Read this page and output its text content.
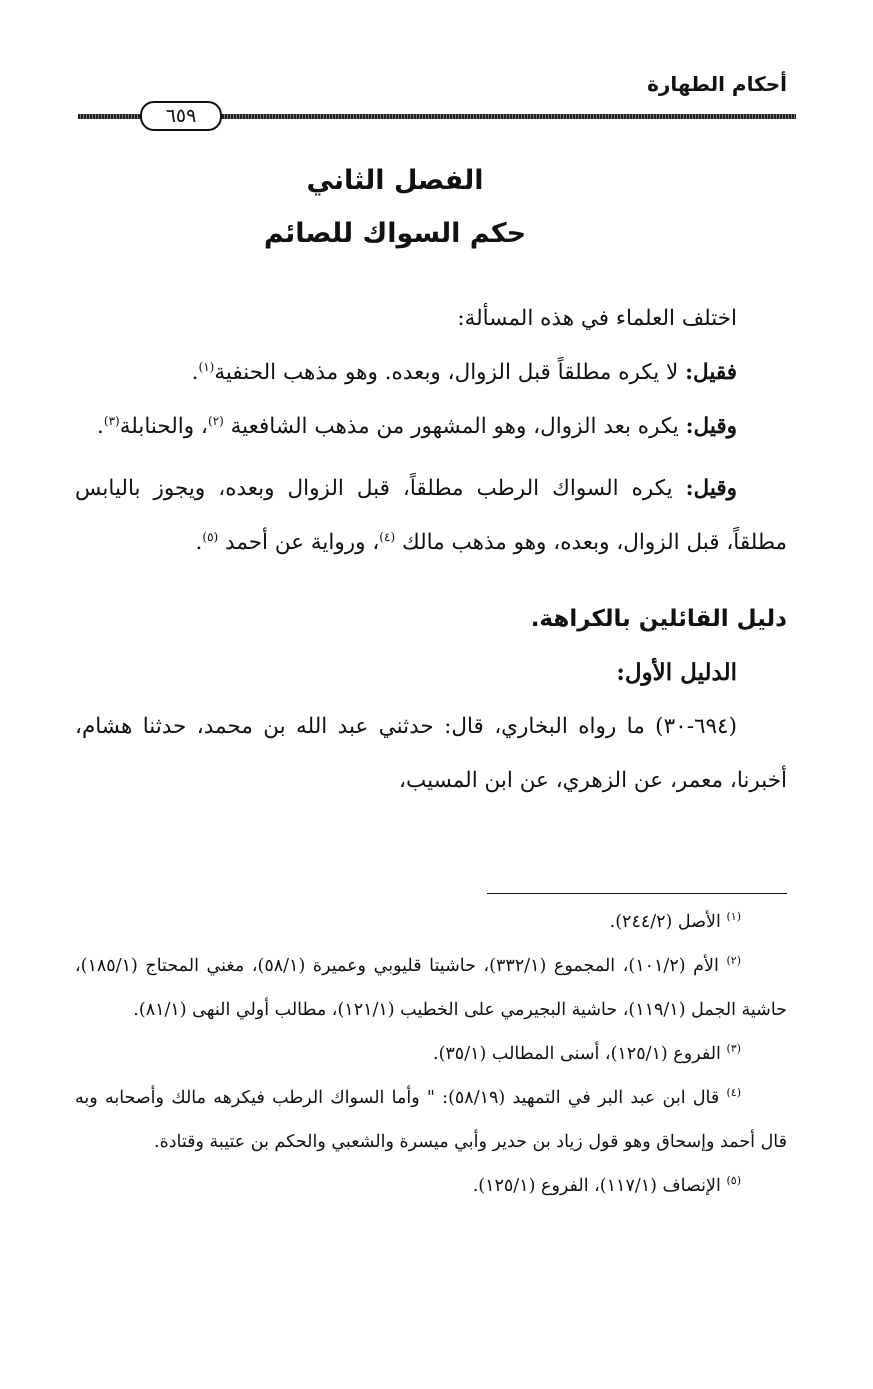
أحكام الطهارة
٦٥٩
الفصل الثاني
حكم السواك للصائم

اختلف العلماء في هذه المسألة:

فقيل: لا يكره مطلقاً قبل الزوال، وبعده. وهو مذهب الحنفية$^{(١)}$.

وقيل: يكره بعد الزوال، وهو المشهور من مذهب الشافعية $^{(٢)}$، والحنابلة$^{(٣)}$.

وقيل: يكره السواك الرطب مطلقاً، قبل الزوال وبعده، ويجوز باليابس مطلقاً، قبل الزوال، وبعده، وهو مذهب مالك $^{(٤)}$، ورواية عن أحمد $^{(٥)}$.

دليل القائلين بالكراهة.

الدليل الأول:

(٦٩٤-٣٠) ما رواه البخاري، قال: حدثني عبد الله بن محمد، حدثنا هشام، أخبرنا، معمر، عن الزهري، عن ابن المسيب،

$^{(١)}$ الأصل (٢٤٤/٢).

$^{(٢)}$ الأم (١٠١/٢)، المجموع (٣٣٢/١)، حاشيتا قليوبي وعميرة (٥٨/١)، مغني المحتاج (١٨٥/١)، حاشية الجمل (١١٩/١)، حاشية البجيرمي على الخطيب (١٢١/١)، مطالب أولي النهى (٨١/١).

$^{(٣)}$ الفروع (١٢٥/١)، أسنى المطالب (٣٥/١).

$^{(٤)}$ قال ابن عبد البر في التمهيد (٥٨/١٩): " وأما السواك الرطب فيكرهه مالك وأصحابه وبه قال أحمد وإسحاق وهو قول زياد بن حدير وأبي ميسرة والشعبي والحكم بن عتيبة وقتادة.

$^{(٥)}$ الإنصاف (١١٧/١)، الفروع (١٢٥/١).
